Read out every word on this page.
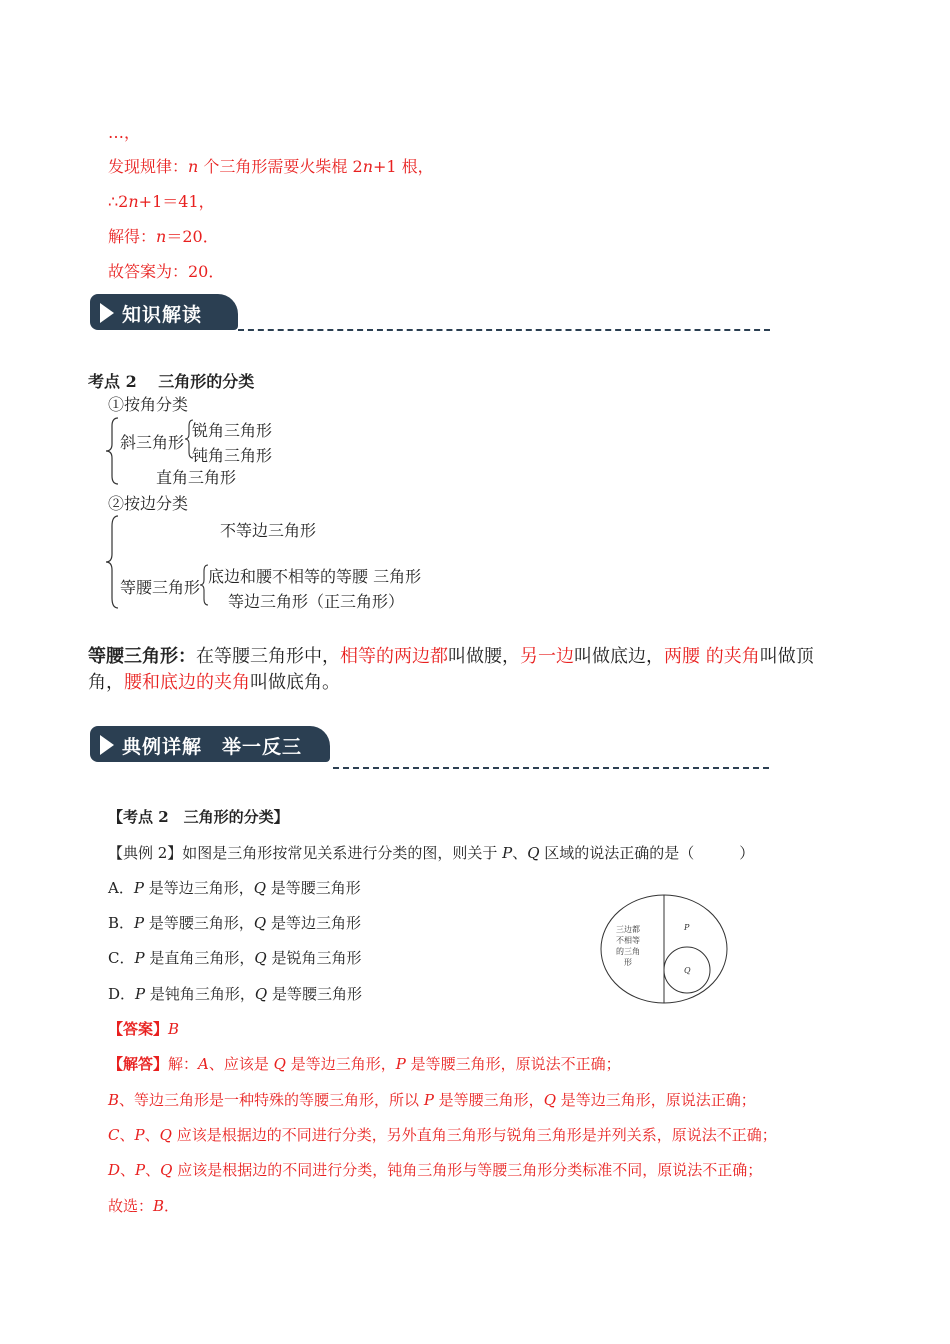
…，
发现规律：n 个三角形需要火柴棍 2n+1 根，
∴2n+1＝41，
解得：n＝20．
故答案为：20．
知识解读
考点 2　 三角形的分类
①按角分类
斜三角形
锐角三角形
钝角三角形
直角三角形
②按边分类
不等边三角形
等腰三角形
底边和腰不相等的等腰 三角形
等边三角形（正三角形）
等腰三角形：在等腰三角形中，相等的两边都叫做腰，另一边叫做底边，两腰 的夹角叫做顶
角，腰和底边的夹角叫做底角。
典例详解　举一反三
【考点 2　三角形的分类】
【典例 2】如图是三角形按常见关系进行分类的图，则关于 P、Q 区域的说法正确的是（　　　）
A．P 是等边三角形，Q 是等腰三角形
B．P 是等腰三角形，Q 是等边三角形
C．P 是直角三角形，Q 是锐角三角形
D．P 是钝角三角形，Q 是等腰三角形
三边都
不相等
的三角
形
P
Q
【答案】B
【解答】解：A、应该是 Q 是等边三角形，P 是等腰三角形，原说法不正确；
B、等边三角形是一种特殊的等腰三角形，所以 P 是等腰三角形，Q 是等边三角形，原说法正确；
C、P、Q 应该是根据边的不同进行分类，另外直角三角形与锐角三角形是并列关系，原说法不正确；
D、P、Q 应该是根据边的不同进行分类，钝角三角形与等腰三角形分类标准不同，原说法不正确；
故选：B．
